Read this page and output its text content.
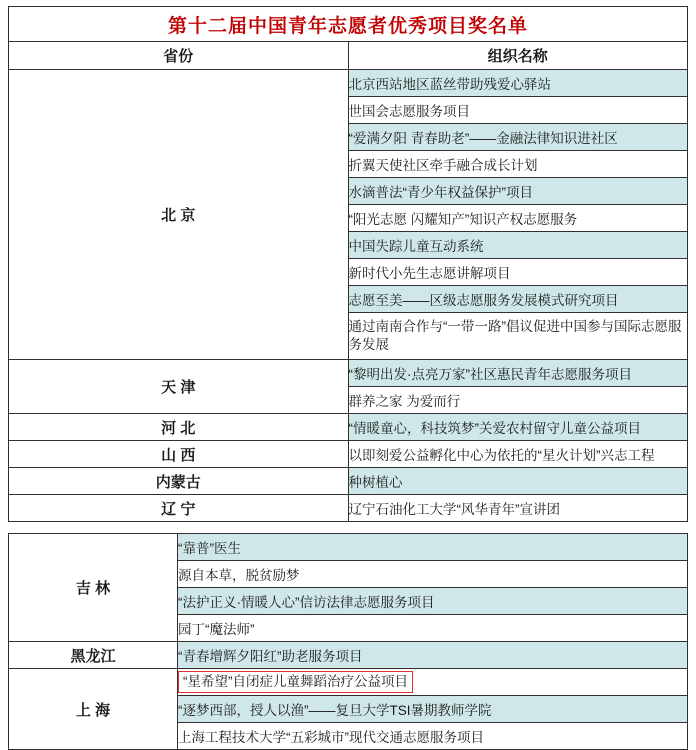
第十二届中国青年志愿者优秀项目奖名单	
省份	组织名称
北 京	北京西站地区蓝丝带助残爱心驿站
	世国会志愿服务项目
	“爱满夕阳 青春助老”——金融法律知识进社区
	折翼天使社区牵手融合成长计划
	水滴普法“青少年权益保护”项目
	“阳光志愿 闪耀知产”知识产权志愿服务
	中国失踪儿童互动系统
	新时代小先生志愿讲解项目
	志愿至美——区级志愿服务发展模式研究项目
	通过南南合作与“一带一路”倡议促进中国参与国际志愿服务发展
天 津	“黎明出发·点亮万家”社区惠民青年志愿服务项目
	群养之家 为爱而行
河 北	“情暖童心，科技筑梦”关爱农村留守儿童公益项目
山 西	以即刻爱公益孵化中心为依托的“星火计划”兴志工程
内蒙古	种树植心
辽 宁	辽宁石油化工大学“风华青年”宣讲团
吉 林	“靠普”医生
	源自本草，脱贫励梦
	“法护正义·情暖人心”信访法律志愿服务项目
	园丁“魔法师”
黑龙江	“青春增辉夕阳红”助老服务项目
上 海	“星希望”自闭症儿童舞蹈治疗公益项目
	“逐梦西部，授人以渔”——复旦大学TSI暑期教师学院
	上海工程技术大学“五彩城市”现代交通志愿服务项目
